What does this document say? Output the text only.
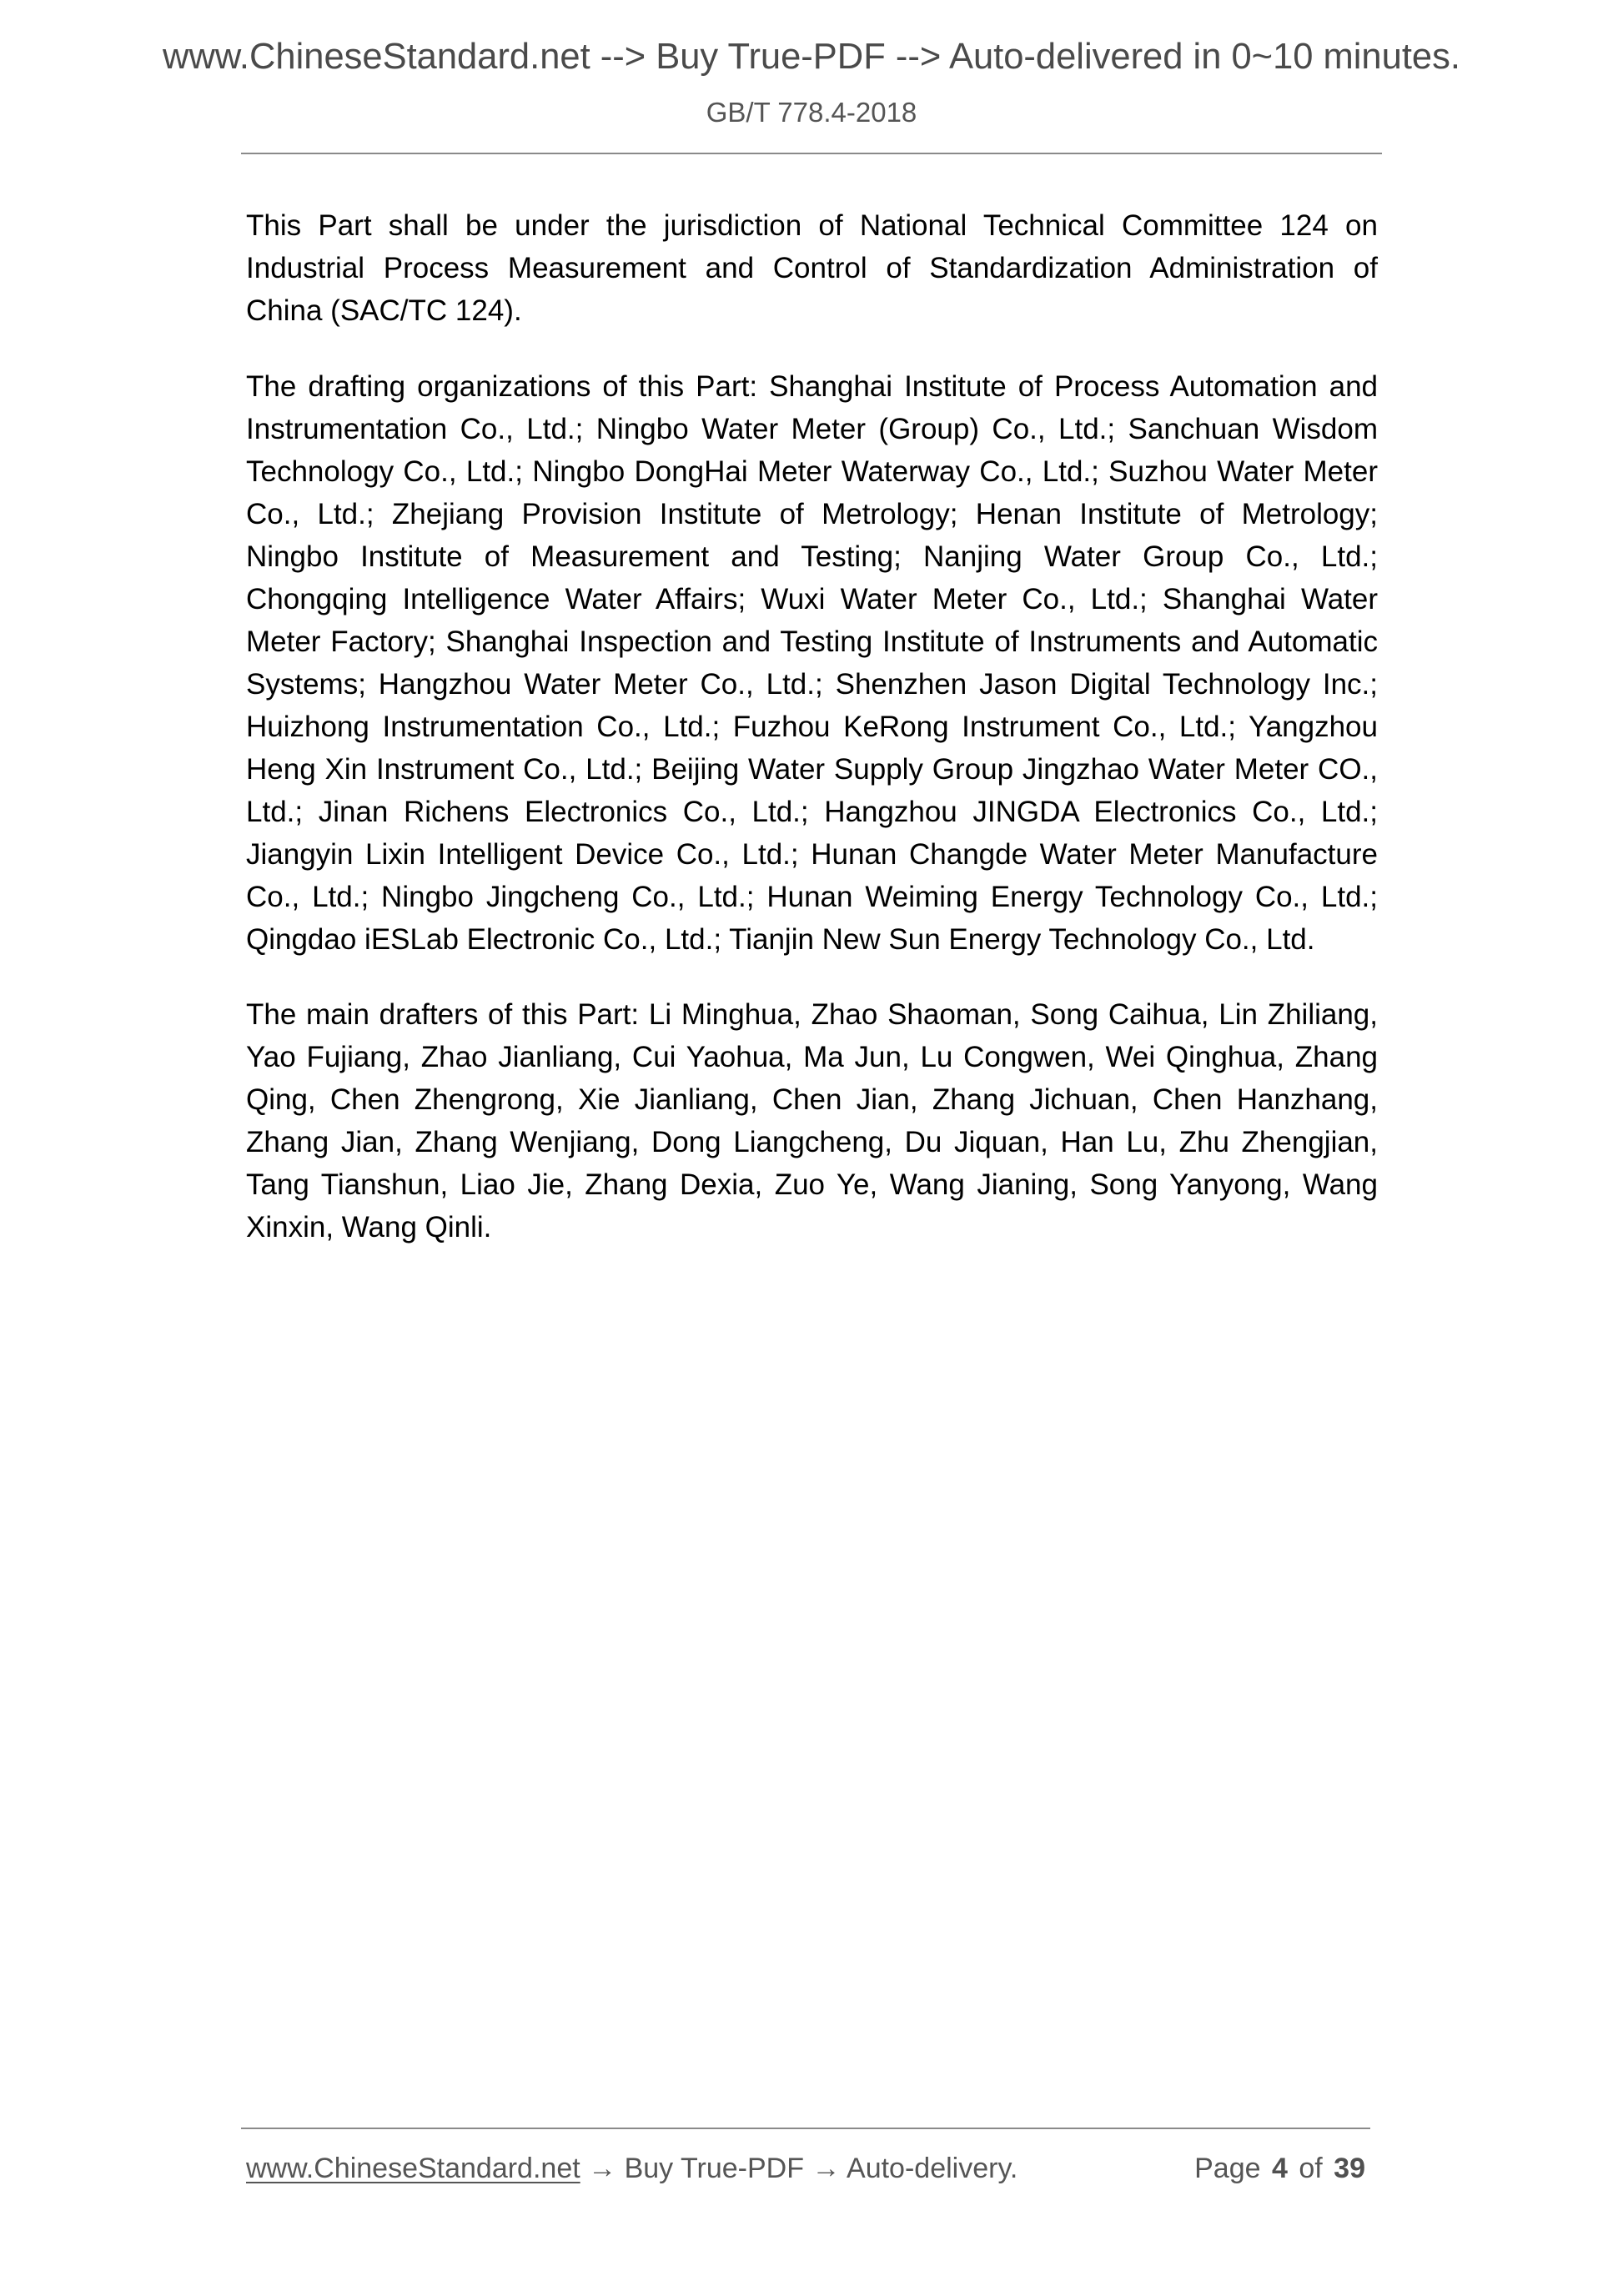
www.ChineseStandard.net --> Buy True-PDF --> Auto-delivered in 0~10 minutes.
GB/T 778.4-2018
This Part shall be under the jurisdiction of National Technical Committee 124 on
Industrial Process Measurement and Control of Standardization Administration of
China (SAC/TC 124).
The drafting organizations of this Part: Shanghai Institute of Process Automation and
Instrumentation Co., Ltd.; Ningbo Water Meter (Group) Co., Ltd.; Sanchuan Wisdom
Technology Co., Ltd.; Ningbo DongHai Meter Waterway Co., Ltd.; Suzhou Water Meter
Co., Ltd.; Zhejiang Provision Institute of Metrology; Henan Institute of Metrology;
Ningbo Institute of Measurement and Testing; Nanjing Water Group Co., Ltd.;
Chongqing Intelligence Water Affairs; Wuxi Water Meter Co., Ltd.; Shanghai Water
Meter Factory; Shanghai Inspection and Testing Institute of Instruments and Automatic
Systems; Hangzhou Water Meter Co., Ltd.; Shenzhen Jason Digital Technology Inc.;
Huizhong Instrumentation Co., Ltd.; Fuzhou KeRong Instrument Co., Ltd.; Yangzhou
Heng Xin Instrument Co., Ltd.; Beijing Water Supply Group Jingzhao Water Meter CO.,
Ltd.; Jinan Richens Electronics Co., Ltd.; Hangzhou JINGDA Electronics Co., Ltd.;
Jiangyin Lixin Intelligent Device Co., Ltd.; Hunan Changde Water Meter Manufacture
Co., Ltd.; Ningbo Jingcheng Co., Ltd.; Hunan Weiming Energy Technology Co., Ltd.;
Qingdao iESLab Electronic Co., Ltd.; Tianjin New Sun Energy Technology Co., Ltd.
The main drafters of this Part: Li Minghua, Zhao Shaoman, Song Caihua, Lin Zhiliang,
Yao Fujiang, Zhao Jianliang, Cui Yaohua, Ma Jun, Lu Congwen, Wei Qinghua, Zhang
Qing, Chen Zhengrong, Xie Jianliang, Chen Jian, Zhang Jichuan, Chen Hanzhang,
Zhang Jian, Zhang Wenjiang, Dong Liangcheng, Du Jiquan, Han Lu, Zhu Zhengjian,
Tang Tianshun, Liao Jie, Zhang Dexia, Zuo Ye, Wang Jianing, Song Yanyong, Wang
Xinxin, Wang Qinli.
www.ChineseStandard.net → Buy True-PDF → Auto-delivery.	Page 4 of 39
